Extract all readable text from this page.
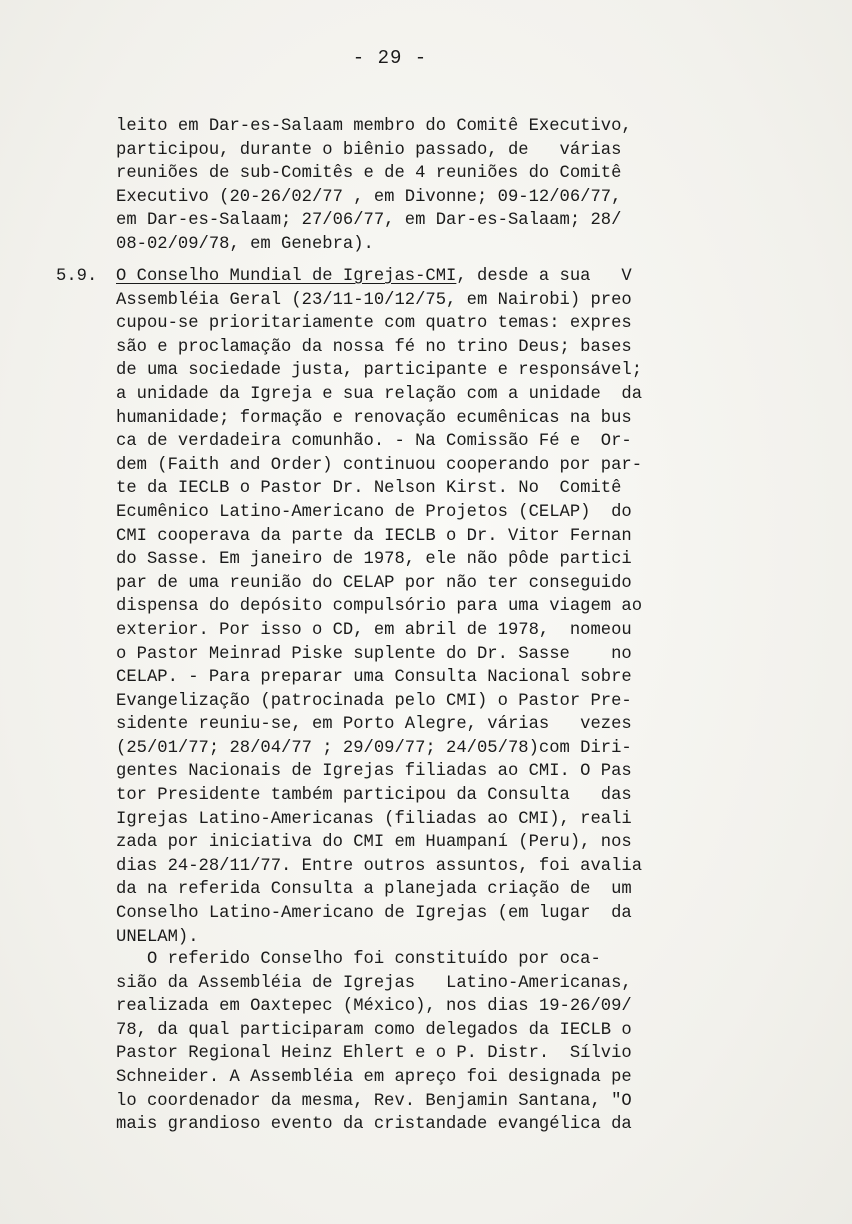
- 29 -
leito em Dar-es-Salaam membro do Comitê Executivo,
participou, durante o biênio passado, de   várias
reuniões de sub-Comitês e de 4 reuniões do Comitê
Executivo (20-26/02/77 , em Divonne; 09-12/06/77,
em Dar-es-Salaam; 27/06/77, em Dar-es-Salaam; 28/
08-02/09/78, em Genebra).
5.9. O Conselho Mundial de Igrejas-CMI, desde a sua   V
Assembléia Geral (23/11-10/12/75, em Nairobi) preo
cupou-se prioritariamente com quatro temas: expres
são e proclamação da nossa fé no trino Deus; bases
de uma sociedade justa, participante e responsável;
a unidade da Igreja e sua relação com a unidade  da
humanidade; formação e renovação ecumênicas na bus
ca de verdadeira comunhão. - Na Comissão Fé e  Or-
dem (Faith and Order) continuou cooperando por par-
te da IECLB o Pastor Dr. Nelson Kirst. No  Comitê
Ecumênico Latino-Americano de Projetos (CELAP)  do
CMI cooperava da parte da IECLB o Dr. Vitor Fernan
do Sasse. Em janeiro de 1978, ele não pôde partici
par de uma reunião do CELAP por não ter conseguido
dispensa do depósito compulsório para uma viagem ao
exterior. Por isso o CD, em abril de 1978,  nomeou
o Pastor Meinrad Piske suplente do Dr. Sasse    no
CELAP. - Para preparar uma Consulta Nacional sobre
Evangelização (patrocinada pelo CMI) o Pastor Pre-
sidente reuniu-se, em Porto Alegre, várias   vezes
(25/01/77; 28/04/77 ; 29/09/77; 24/05/78)com Diri-
gentes Nacionais de Igrejas filiadas ao CMI. O Pas
tor Presidente também participou da Consulta   das
Igrejas Latino-Americanas (filiadas ao CMI), reali
zada por iniciativa do CMI em Huampaní (Peru), nos
dias 24-28/11/77. Entre outros assuntos, foi avalia
da na referida Consulta a planejada criação de  um
Conselho Latino-Americano de Igrejas (em lugar  da
UNELAM).
O referido Conselho foi constituído por oca-
sião da Assembléia de Igrejas   Latino-Americanas,
realizada em Oaxtepec (México), nos dias 19-26/09/
78, da qual participaram como delegados da IECLB o
Pastor Regional Heinz Ehlert e o P. Distr.  Sílvio
Schneider. A Assembléia em apreço foi designada pe
lo coordenador da mesma, Rev. Benjamin Santana, "O
mais grandioso evento da cristandade evangélica da
